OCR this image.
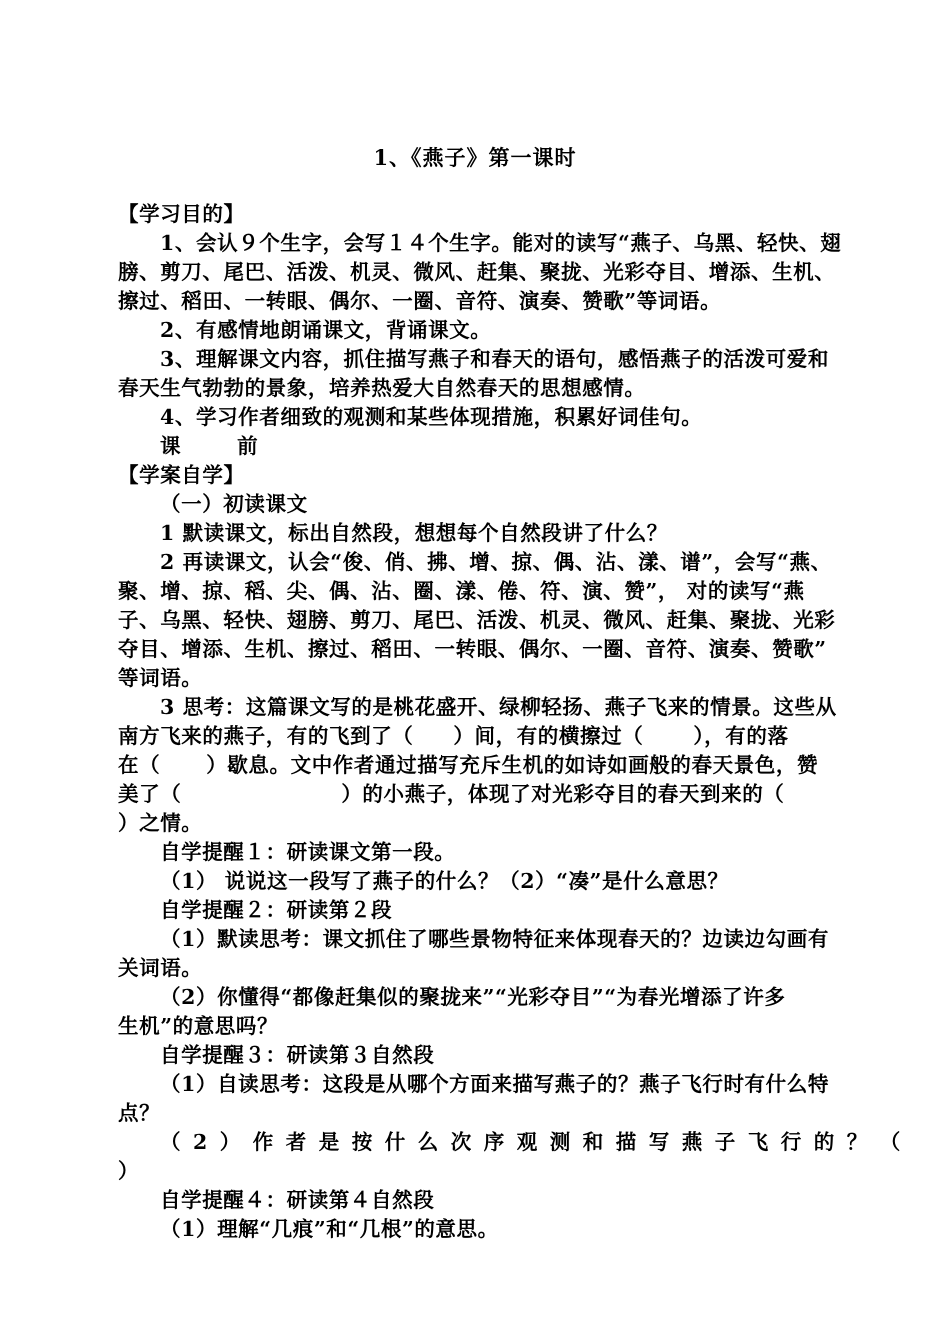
1、《燕子》第一课时
【学习目的】
1、会认９个生字，会写１４个生字。能对的读写“燕子、乌黑、轻快、翅
膀、剪刀、尾巴、活泼、机灵、微风、赶集、聚拢、光彩夺目、增添、生机、
擦过、稻田、一转眼、偶尔、一圈、音符、演奏、赞歌”等词语。
2、有感情地朗诵课文，背诵课文。
3、理解课文内容，抓住描写燕子和春天的语句，感悟燕子的活泼可爱和
春天生气勃勃的景象，培养热爱大自然春天的思想感情。
4、学习作者细致的观测和某些体现措施，积累好词佳句。
课	前
【学案自学】
（一）初读课文
1 默读课文，标出自然段，想想每个自然段讲了什么？
2 再读课文，认会“俊、俏、拂、增、掠、偶、沾、漾、谱”，会写“燕、
聚、增、掠、稻、尖、偶、沾、圈、漾、倦、符、演、赞”， 对的读写“燕
子、乌黑、轻快、翅膀、剪刀、尾巴、活泼、机灵、微风、赶集、聚拢、光彩
夺目、增添、生机、擦过、稻田、一转眼、偶尔、一圈、音符、演奏、赞歌”
等词语。
3 思考：这篇课文写的是桃花盛开、绿柳轻扬、燕子飞来的情景。这些从
南方飞来的燕子，有的飞到了（ ）间，有的横擦过（ ），有的落
在（ ）歇息。文中作者通过描写充斥生机的如诗如画般的春天景色，赞
美了（	）的小燕子，体现了对光彩夺目的春天到来的（
）之情。
自学提醒１：研读课文第一段。
（1） 说说这一段写了燕子的什么？（2）“凑”是什么意思？
自学提醒２：研读第２段
（1）默读思考：课文抓住了哪些景物特征来体现春天的？边读边勾画有
关词语。
（2）你懂得“都像赶集似的聚拢来”“光彩夺目”“为春光增添了许多
生机”的意思吗？
自学提醒３：研读第３自然段
（1）自读思考：这段是从哪个方面来描写燕子的？燕子飞行时有什么特
点？
（2）作者是按什么次序观测和描写燕子飞行的？（
）
自学提醒４：研读第４自然段
（1）理解“几痕”和“几根”的意思。
